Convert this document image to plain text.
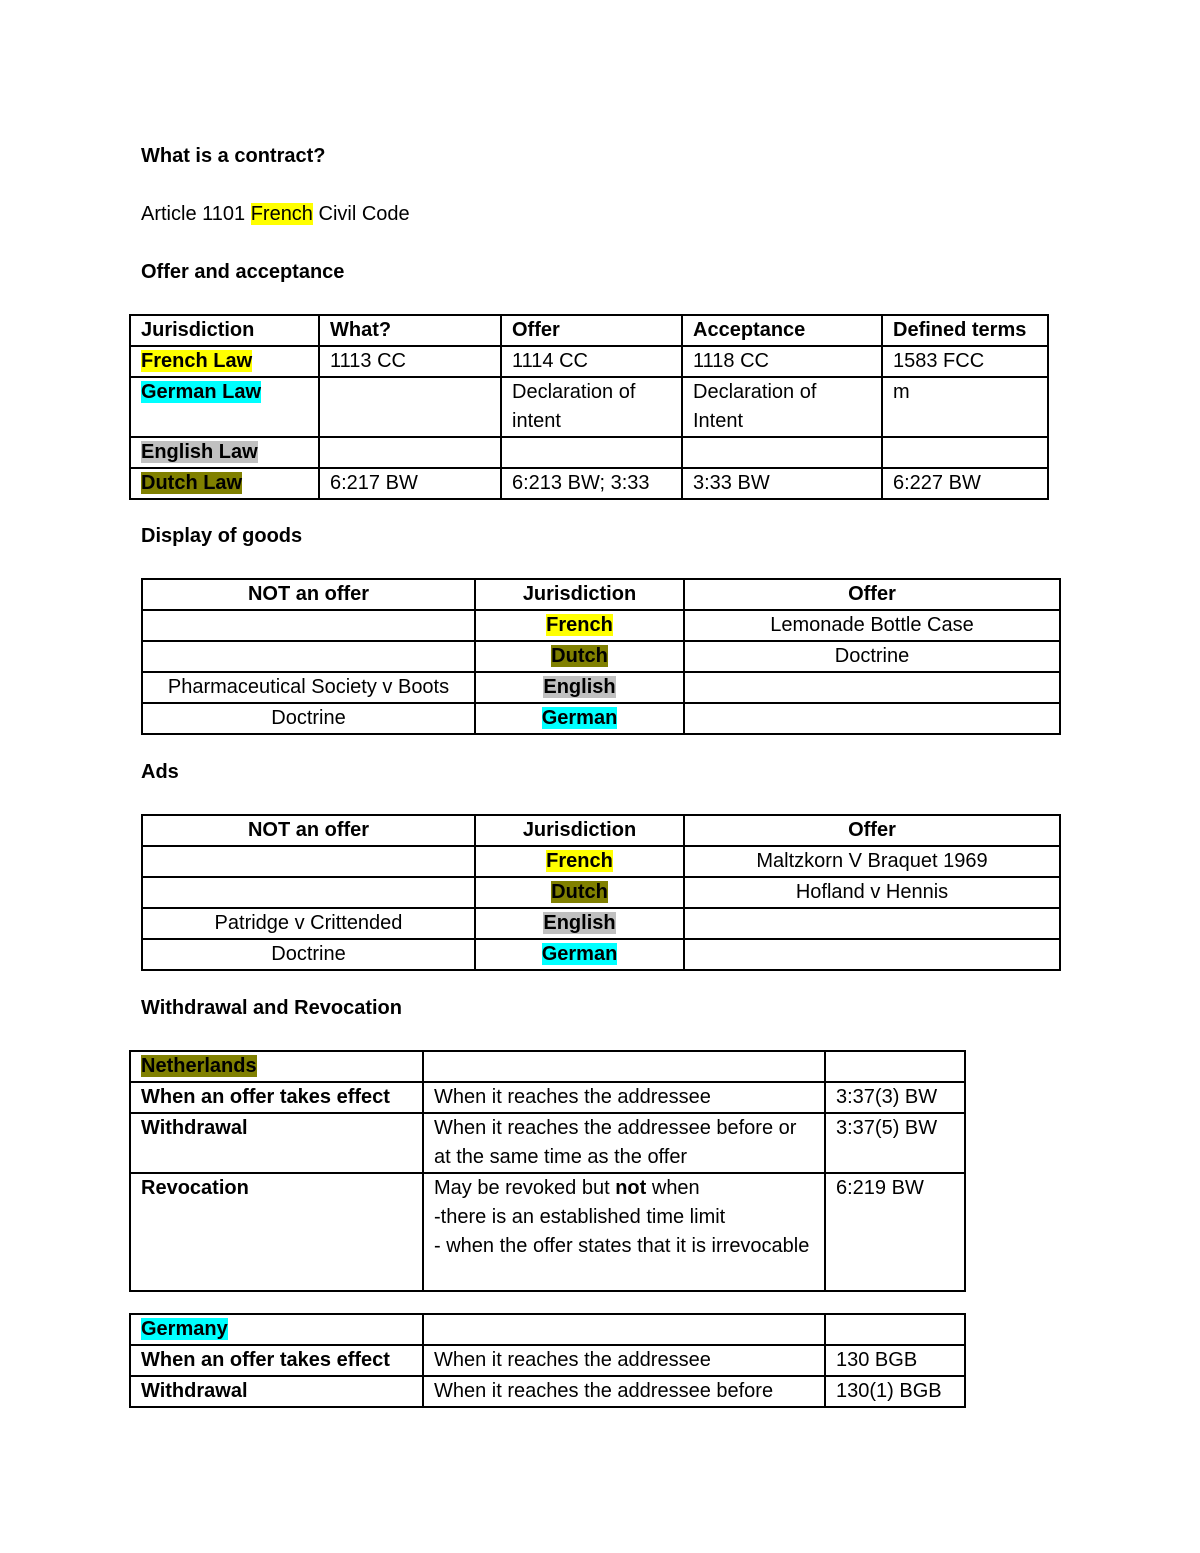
What is a contract?
Article 1101 French Civil Code
Offer and acceptance
Jurisdiction	What?	Offer	Acceptance	Defined terms
French Law	1113 CC	1114 CC	1118 CC	1583 FCC
German Law		Declaration of intent	Declaration of Intent	m
English Law				
Dutch Law	6:217 BW	6:213 BW; 3:33	3:33 BW	6:227 BW
Display of goods
NOT an offer	Jurisdiction	Offer
	French	Lemonade Bottle Case
	Dutch	Doctrine
Pharmaceutical Society v Boots	English	
Doctrine	German	
Ads
NOT an offer	Jurisdiction	Offer
	French	Maltzkorn V Braquet 1969
	Dutch	Hofland v Hennis
Patridge v Crittended	English	
Doctrine	German	
Withdrawal and Revocation
Netherlands		
When an offer takes effect	When it reaches the addressee	3:37(3) BW
Withdrawal	When it reaches the addressee before or at the same time as the offer	3:37(5) BW
Revocation	May be revoked but not when
-there is an established time limit
- when the offer states that it is irrevocable	6:219 BW
Germany		
When an offer takes effect	When it reaches the addressee	130 BGB
Withdrawal	When it reaches the addressee before	130(1) BGB
